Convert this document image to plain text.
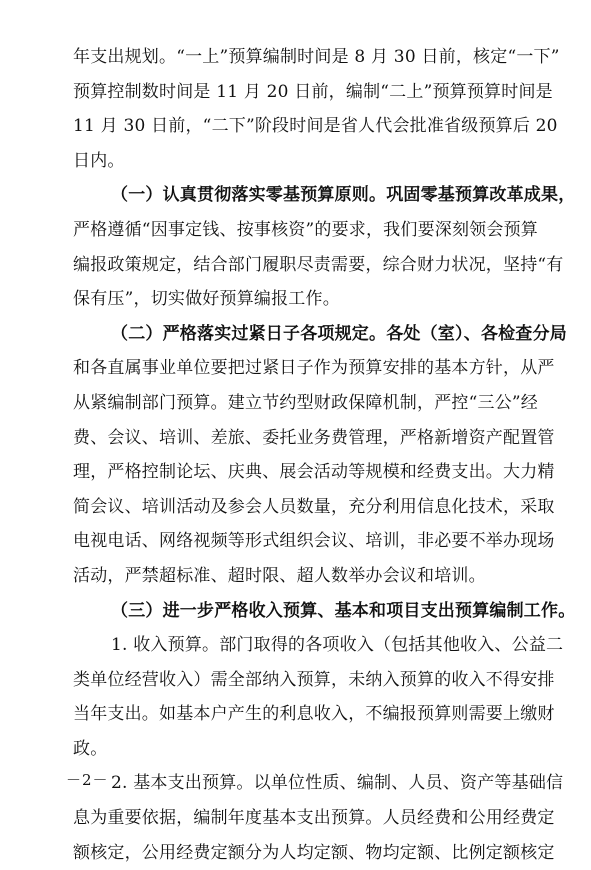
年支出规划。“一上”预算编制时间是 8 月 30 日前，核定“一下”
预算控制数时间是 11 月 20 日前，编制“二上”预算预算时间是
11 月 30 日前，“二下”阶段时间是省人代会批准省级预算后 20
日内。
（一）认真贯彻落实零基预算原则。巩固零基预算改革成果，
严格遵循“因事定钱、按事核资”的要求，我们要深刻领会预算
编报政策规定，结合部门履职尽责需要，综合财力状况，坚持“有
保有压”，切实做好预算编报工作。
（二）严格落实过紧日子各项规定。各处（室）、各检查分局
和各直属事业单位要把过紧日子作为预算安排的基本方针，从严
从紧编制部门预算。建立节约型财政保障机制，严控“三公”经
费、会议、培训、差旅、委托业务费管理，严格新增资产配置管
理，严格控制论坛、庆典、展会活动等规模和经费支出。大力精
简会议、培训活动及参会人员数量，充分利用信息化技术，采取
电视电话、网络视频等形式组织会议、培训，非必要不举办现场
活动，严禁超标准、超时限、超人数举办会议和培训。
（三）进一步严格收入预算、基本和项目支出预算编制工作。
1. 收入预算。部门取得的各项收入（包括其他收入、公益二
类单位经营收入）需全部纳入预算，未纳入预算的收入不得安排
当年支出。如基本户产生的利息收入，不编报预算则需要上缴财
政。
2. 基本支出预算。以单位性质、编制、人员、资产等基础信
息为重要依据，编制年度基本支出预算。人员经费和公用经费定
额核定，公用经费定额分为人均定额、物均定额、比例定额核定
－2－
